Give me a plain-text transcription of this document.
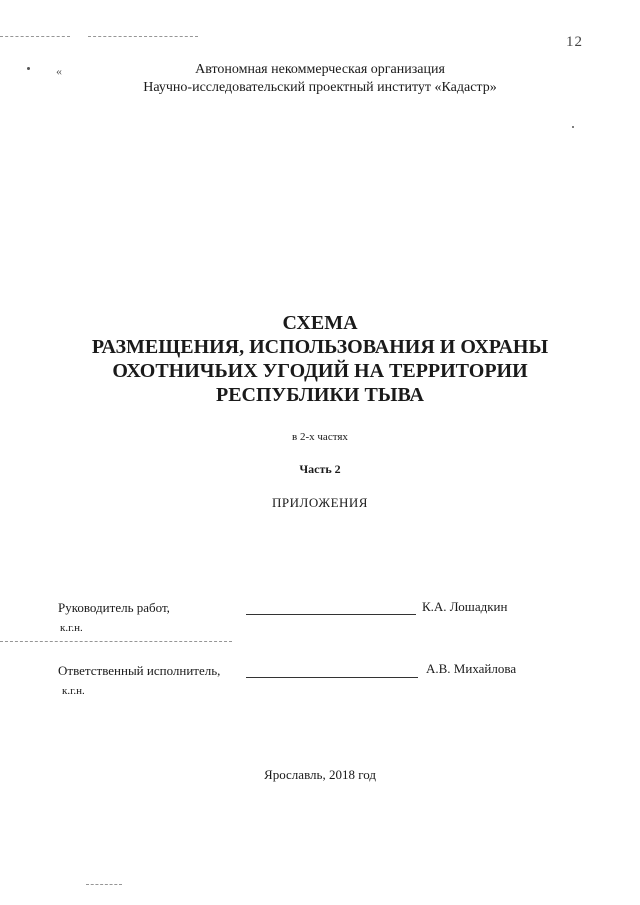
12
«	Автономная некоммерческая организация
Научно-исследовательский проектный институт «Кадастр»
СХЕМА
РАЗМЕЩЕНИЯ, ИСПОЛЬЗОВАНИЯ И ОХРАНЫ
ОХОТНИЧЬИХ УГОДИЙ НА ТЕРРИТОРИИ
РЕСПУБЛИКИ ТЫВА
в 2-х частях
Часть 2
ПРИЛОЖЕНИЯ
Руководитель работ,
к.г.н.
К.А. Лошадкин
Ответственный исполнитель,
к.г.н.
А.В. Михайлова
Ярославль, 2018 год
